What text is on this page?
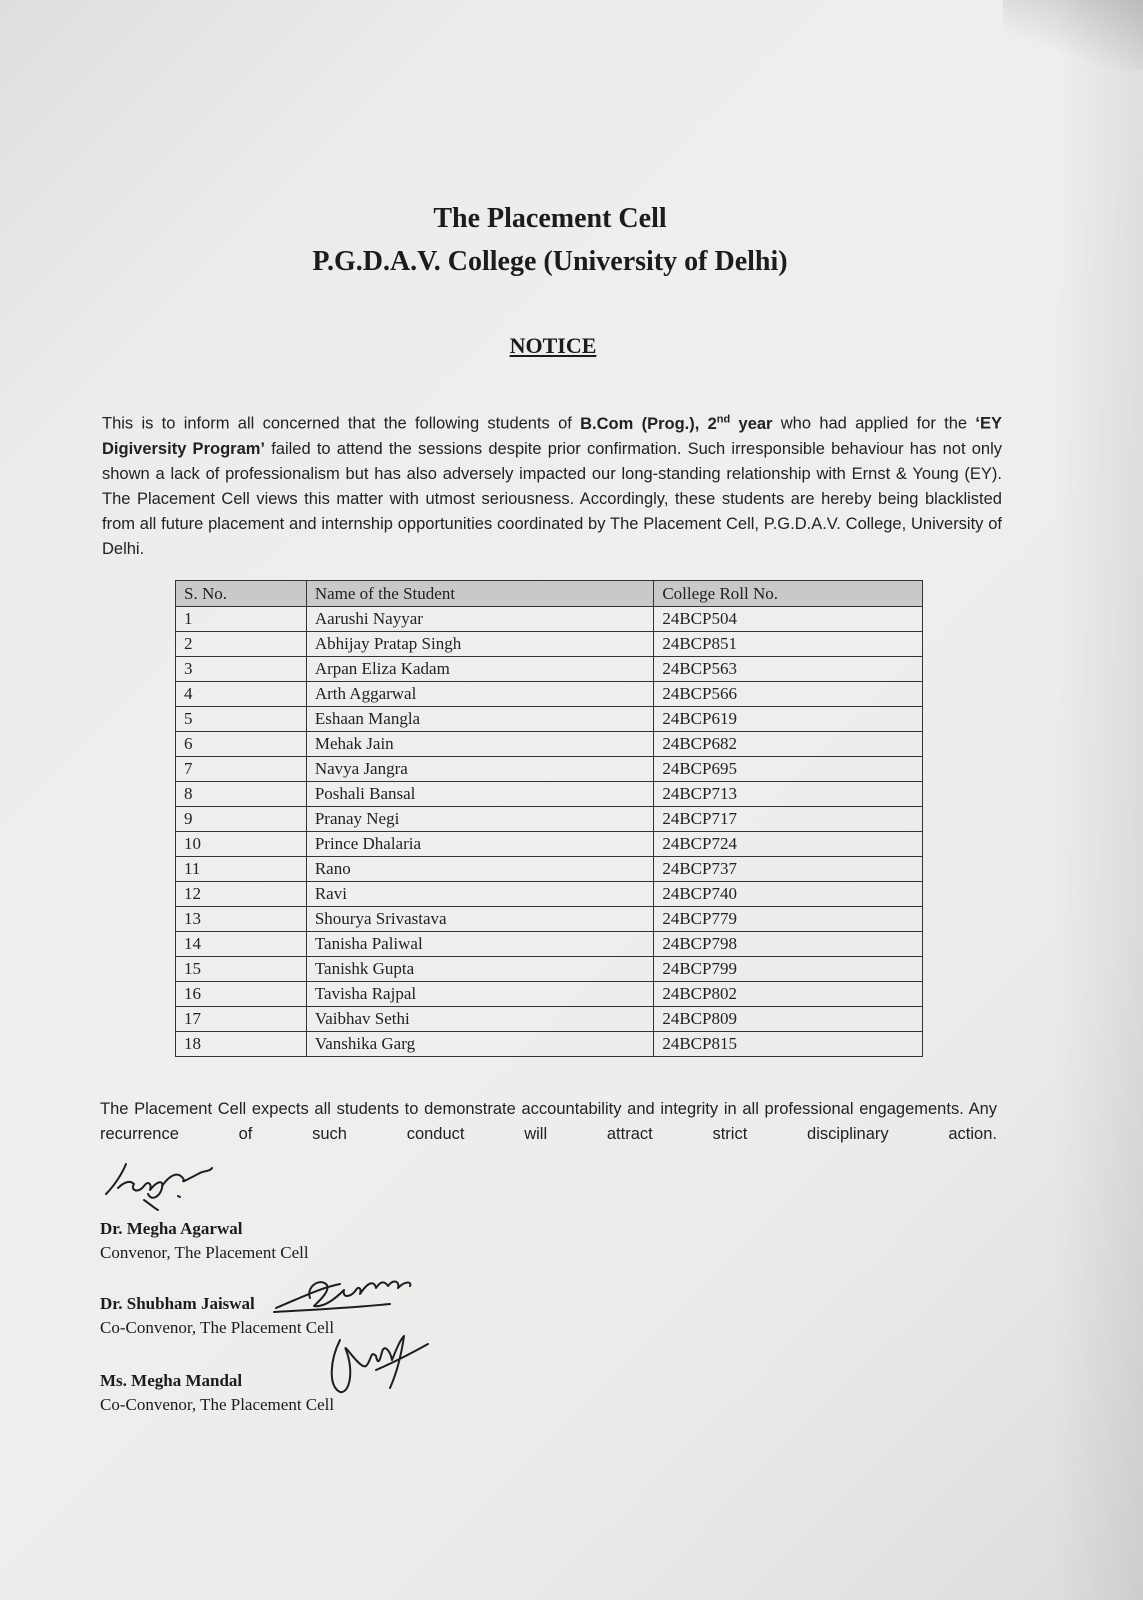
The Placement Cell
P.G.D.A.V. College (University of Delhi)
NOTICE
This is to inform all concerned that the following students of B.Com (Prog.), 2nd year who had applied for the ‘EY Digiversity Program’ failed to attend the sessions despite prior confirmation. Such irresponsible behaviour has not only shown a lack of professionalism but has also adversely impacted our long-standing relationship with Ernst & Young (EY). The Placement Cell views this matter with utmost seriousness. Accordingly, these students are hereby being blacklisted from all future placement and internship opportunities coordinated by The Placement Cell, P.G.D.A.V. College, University of Delhi.
S. No.	Name of the Student	College Roll No.
1	Aarushi Nayyar	24BCP504
2	Abhijay Pratap Singh	24BCP851
3	Arpan Eliza Kadam	24BCP563
4	Arth Aggarwal	24BCP566
5	Eshaan Mangla	24BCP619
6	Mehak Jain	24BCP682
7	Navya Jangra	24BCP695
8	Poshali Bansal	24BCP713
9	Pranay Negi	24BCP717
10	Prince Dhalaria	24BCP724
11	Rano	24BCP737
12	Ravi	24BCP740
13	Shourya Srivastava	24BCP779
14	Tanisha Paliwal	24BCP798
15	Tanishk Gupta	24BCP799
16	Tavisha Rajpal	24BCP802
17	Vaibhav Sethi	24BCP809
18	Vanshika Garg	24BCP815
The Placement Cell expects all students to demonstrate accountability and integrity in all professional engagements. Any recurrence of such conduct will attract strict disciplinary action.
Dr. Megha Agarwal
Convenor, The Placement Cell
Dr. Shubham Jaiswal
Co-Convenor, The Placement Cell
Ms. Megha Mandal
Co-Convenor, The Placement Cell
